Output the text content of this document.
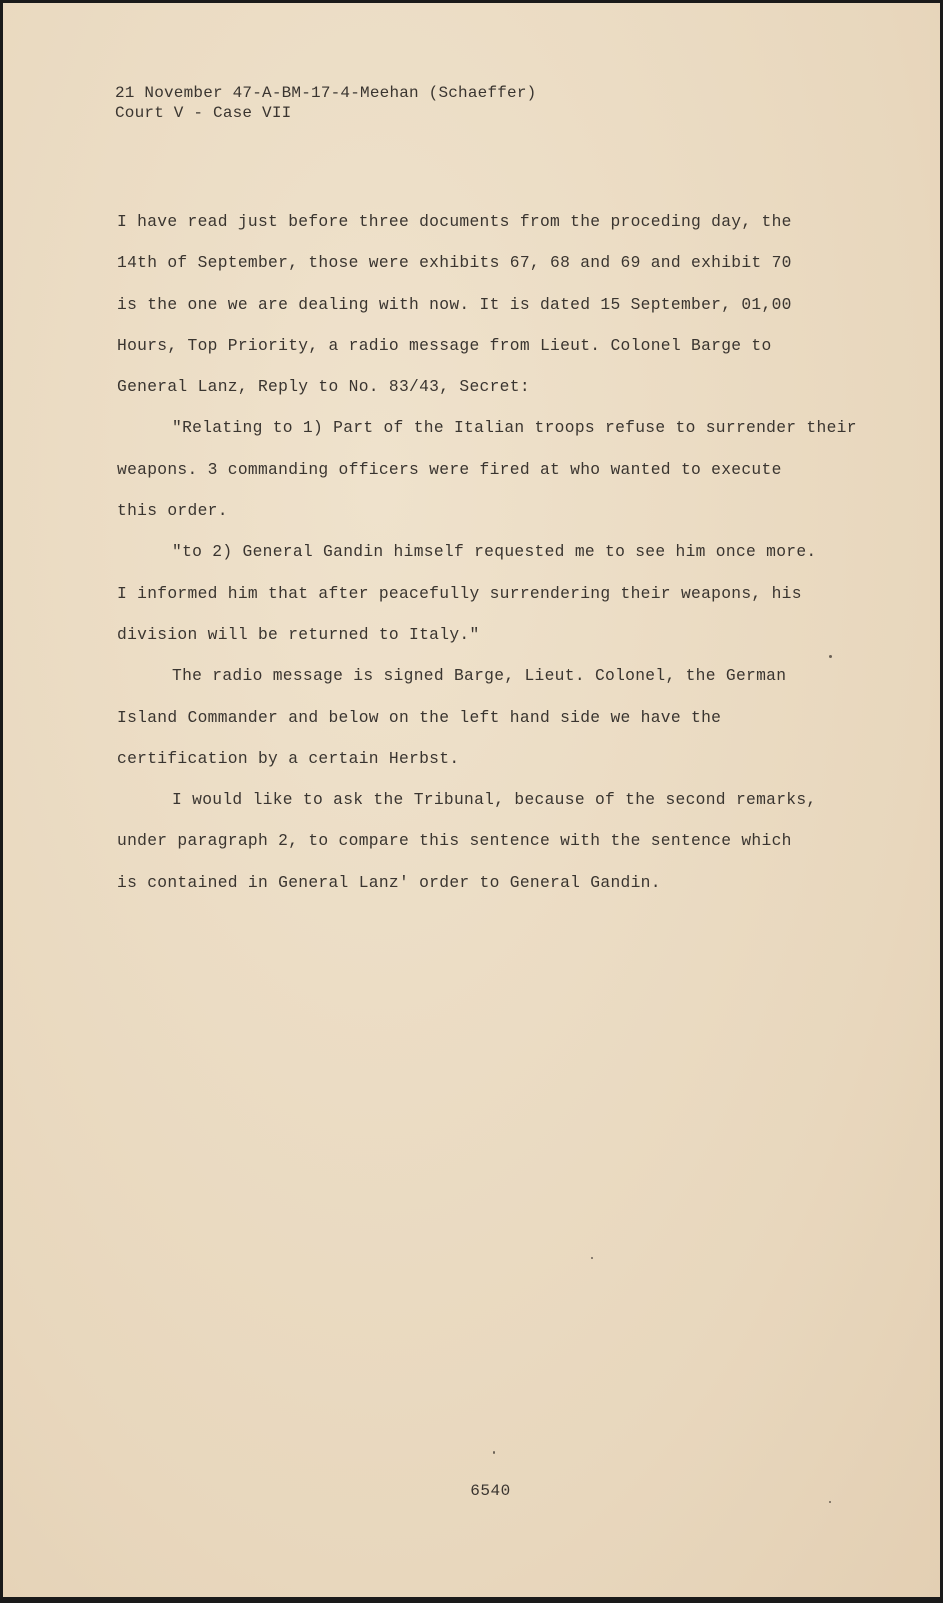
21 November 47-A-BM-17-4-Meehan (Schaeffer)
Court V - Case VII
I have read just before three documents from the proceding day, the
14th of September, those were exhibits 67, 68 and 69 and exhibit 70
is the one we are dealing with now. It is dated 15 September, 01,00
Hours, Top Priority, a radio message from Lieut. Colonel Barge to
General Lanz, Reply to No. 83/43, Secret:
"Relating to 1) Part of the Italian troops refuse to surrender their
weapons. 3 commanding officers were fired at who wanted to execute
this order.
"to 2) General Gandin himself requested me to see him once more.
I informed him that after peacefully surrendering their weapons, his
division will be returned to Italy."
The radio message is signed Barge, Lieut. Colonel, the German
Island Commander and below on the left hand side we have the
certification by a certain Herbst.
I would like to ask the Tribunal, because of the second remarks,
under paragraph 2, to compare this sentence with the sentence which
is contained in General Lanz' order to General Gandin.
6540
